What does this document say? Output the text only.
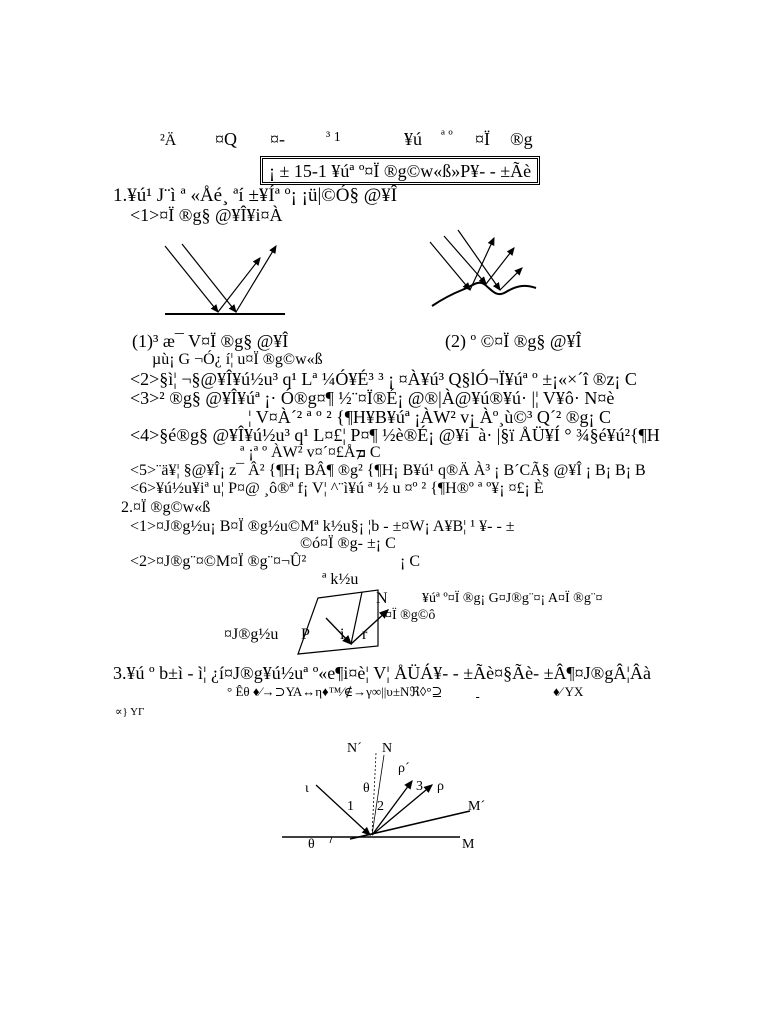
²Ä ¤Q ¤-	³ 1	¥ú ª º ¤Ï ®g
¡ ± 15-1 ¥úª º¤Ï ®g©w«ß»P¥- - ±Ãè
1.¥ú¹ J¨ì ª «Åé¸ ªí ±¥Íª º¡ ¡ü|©Ó§ @¥Î
<1>¤Ï ®g§ @¥Î¥i¤À
(1)³ æ¯ V¤Ï ®g§ @¥Î	(2) º ©¤Ï ®g§ @¥Î
µù¡ G ¬Ó¿ í¦ u¤Ï ®g©w«ß
<2>§ì¦ ¬§@¥Î¥ú½u³ q¹ Lª ¼Ó¥É³ ³ ¡ ¤À¥ú³ Q§lÓ¬Ï¥úª º ±¡«×´î ®z¡ C
<3>² ®g§ @¥Î¥úª ¡· Ó®g¤¶ ½¨¤Ï®É¡ @®|À@¥ú®¥ú· |¦ V¥ô· N¤è
¦ V¤À´² ª º ² {¶H¥B¥úª ¡ÀW² v¡ Àº¸ù©³ Q´² ®g¡ C
<4>§é®g§ @¥Î¥ú½u³ q¹ L¤£¦ P¤¶ ½è®É¡ @¥i¯à· |§ï ÅÜ¥Í ° ¾§é¥ú²{¶H
ª ¡ª º ÀW² v¤´¤£Åܡ C
<5>¨ä¥¦ §@¥Î¡ z¯ Â² {¶H¡ BÂ¶ ®g² {¶H¡ B¥ú¹ q®Ä À³ ¡ B´CÃ§ @¥Î ¡ B¡ B¡ B
<6>¥ú½u¥iª u¦ P¤@ ¸ô®ª f¡ V¦ ^¨ì¥ú ª ½ u ¤º ² {¶H®º ª º¥¡ ¤£¡ È
2.¤Ï ®g©w«ß
<1>¤J®g½u¡ B¤Ï ®g½u©Mª k½u§¡ ¦b - ±¤W¡ A¥B¦ ¹ ¥- - ±
©ó¤Ï ®g- ±¡ C
<2>¤J®g¨¤©M¤Ï ®g¨¤¬Û²	¡ C
ª k½u
N ¥úª º¤Ï ®g¡ G¤J®g¨¤¡ A¤Ï ®g¨¤
¤Ï ®g©ô
¤J®g½u P i r
3.¥ú º b±ì - ì¦ ¿í¤J®g¥ú½uª º«e¶i¤è¦ V¦ ÅÜÁ¥- - ±Ãè¤§Ãè- ±Â¶¤J®gÂ¦Âà
° Êθ ♦∕→⊃ΥΑ↔η♦™∕∉→γ∞||υ±Nℜ◊°⊇
	♦∕ ΥΧ
∝} ΥΓ
N´ N
ρ´
θ
ι	3 ρ
1 2	M´
θ	M
